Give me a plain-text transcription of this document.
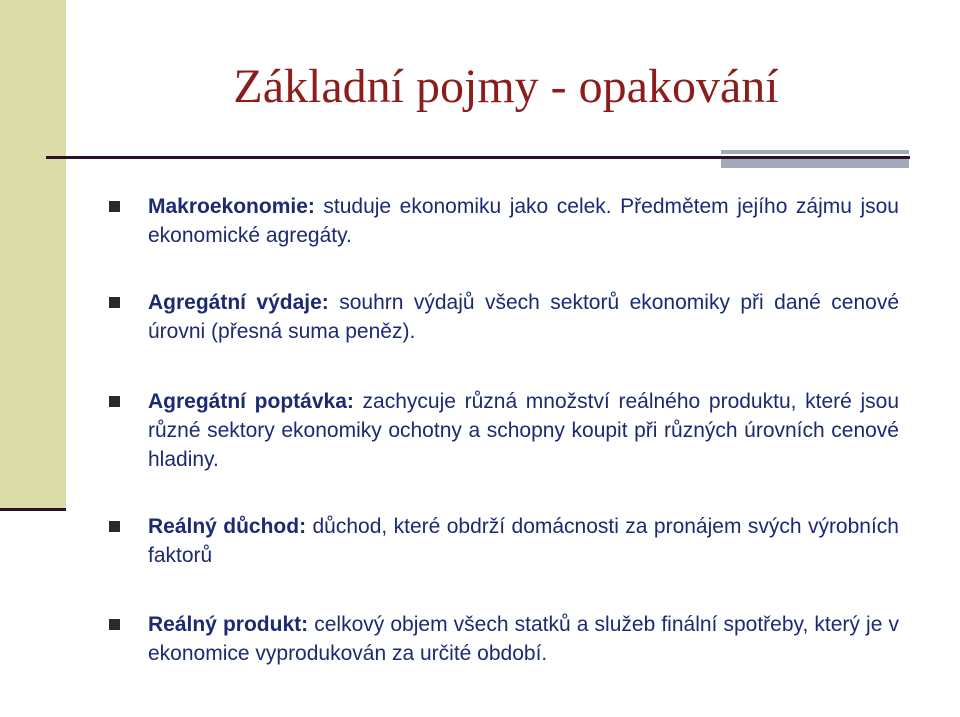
Základní pojmy - opakování
Makroekonomie: studuje ekonomiku jako celek. Předmětem jejího zájmu jsou ekonomické agregáty.
Agregátní výdaje: souhrn výdajů všech sektorů ekonomiky při dané cenové úrovni (přesná suma peněz).
Agregátní poptávka: zachycuje různá množství reálného produktu, které jsou různé sektory ekonomiky ochotny a schopny koupit při různých úrovních cenové hladiny.
Reálný důchod: důchod, které obdrží domácnosti za pronájem svých výrobních faktorů
Reálný produkt: celkový objem všech statků a služeb finální spotřeby, který je v ekonomice vyprodukován za určité období.
